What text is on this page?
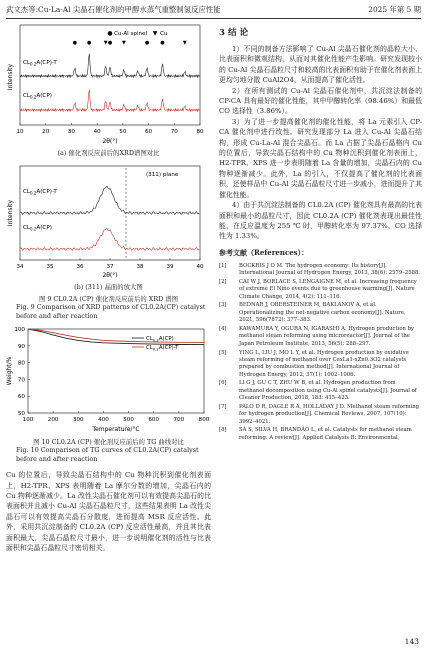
武文杰等:Cu-La-Al 尖晶石催化剂的甲醇水蒸气重整制氢反应性能	2025 年第 5 期
Intensity
● Cu-Al spinel ▼ Cu
$CL_{0.2}A(CP)-T$
$CL_{0.2}A(CP)$
● ● ▼ ● ▼	● ●	▼
10	20	30	40	50	60	70	80
2θ(°)
(a) 催化剂反应前后的XRD谱图对比
Intensity
(311) plane
$CL_{0.2}A(CP)-T$
$CL_{0.2}A(CP)$
34	35	36	37	38	39	40
2θ(°)
(b) (311) 晶面的放大图
图 9 CL0.2A (CP) 催化剂反应前后的 XRD 谱图
Fig. 9 Comparison of XRD patterns of CL0.2A(CP) catalyst before and after reaction
Weight/%
$CL_{0.2}A(CP)$
$CL_{0.2}A(CP)-T$
100	200	300	400	500	600	700	800
50
60
70
80
90
100
Temperature/°C
图 10 CL0.2A (CP) 催化剂反应前后的 TG 曲线对比
Fig. 10 Comparison of TG curves of CL0.2A(CP) catalyst before and after reaction

Cu 的位置后，导致尖晶石结构中的 Cu 物种沉积到催化剂表面上，H2-TPR、XPS 表明随着 La 摩尔分数的增加，尖晶石内的 Cu 物种逐渐减少。La 改性尖晶石催化剂可以有效提高尖晶石的比表面积并且减小 Cu-Al 尖晶石晶粒尺寸，这些结果表明 La 改性尖晶石可以有效提高尖晶石分散度，进而提高 MSR 反应活性。此外，采用共沉淀制备的 CL0.2A (CP) 反应活性最高，并且其比表面积最大，尖晶石晶粒尺寸最小，进一步说明催化剂的活性与比表面积和尖晶石晶粒尺寸密切相关。

3 结 论

1）不同的制备方法影响了 Cu-Al 尖晶石催化剂的晶粒大小、比表面积和微观结构，从而对其催化性能产生影响。研究发现较小的 Cu-Al 尖晶石晶粒尺寸和较高的比表面积有助于在催化剂表面上更均匀地分散 CuAl2O4，从而提高了催化活性。

2）在所有测试的 Cu-Al 尖晶石催化剂中，共沉淀法制备的 CP-CA 具有最好的催化性能，其中甲醇转化率（98.46%）和最低 CO 选择性（3.86%）。

3）为了进一步提高催化剂的催化性能，将 La 元素引入 CP-CA 催化剂中进行改性。研究发现部分 La 进入 Cu-Al 尖晶石结构，形成 Cu-La-Al 混合尖晶石。而 La 占据了尖晶石晶格内 Cu 的位置后，导致尖晶石结构中的 Cu 物种沉积到催化剂表面上，H2-TPR、XPS 进一步表明随着 La 含量的增加，尖晶石内的 Cu 物种逐渐减少。此外，La 的引入，不仅提高了催化剂的比表面积，还使样品中 Cu-Al 尖晶石晶粒尺寸进一步减小，进而提升了其催化性能。

4）由于共沉淀法制备的 CL0.2A (CP) 催化剂具有最高的比表面积和最小的晶粒尺寸，因此 CL0.2A (CP) 催化剂表现出最佳性能，在反应温度为 255 ℃ 时，甲醇转化率为 97.37%，CO 选择性为 1.33%。

参考文献（References）：
[1]	BOCKRIS J O M. The hydrogen economy: Its history[J]. International Journal of Hydrogen Energy, 2013, 38(6): 2579–2588.
[2]	CAI W J, BORLACE S, LENGAIGNE M, et al. Increasing frequency of extreme El Niño events due to greenhouse warming[J]. Nature Climate Change, 2014, 4(2): 111–116.
[3]	BEDNAR J, OBERSTEINER M, BAKLANOV A, et al. Operationalizing the net-negative carbon economy[J]. Nature, 2021, 596(7872): 377–383.
[4]	KAWAMURA Y, OGURA N, IGARASHI A. Hydrogen production by methanol steam reforming using microreactor[J]. Journal of the Japan Petroleum Institute, 2013, 56(5): 288–297.
[5]	YING L, LIU J, MO L Y, et al. Hydrogen production by oxidative steam reforming of methanol over CexLa1-xZn0.3O2 catalysts prepared by combustion method[J]. International Journal of Hydrogen Energy, 2012, 37(1): 1002–1006.
[6]	LI G J, GU C T, ZHU W B, et al. Hydrogen production from methanol decomposition using Cu-Al spinel catalysts[J]. Journal of Cleaner Production, 2018, 183: 415–423.
[7]	PALO D R, DAGLE R A, HOLLADAY J D. Methanol steam reforming for hydrogen production[J]. Chemical Reviews, 2007, 107(10): 3992–4021.
[8]	SÁ S, SILVA H, BRANDÃO L, et al. Catalysts for methanol steam reforming: A review[J]. Applied Catalysis B: Environmental,
143
